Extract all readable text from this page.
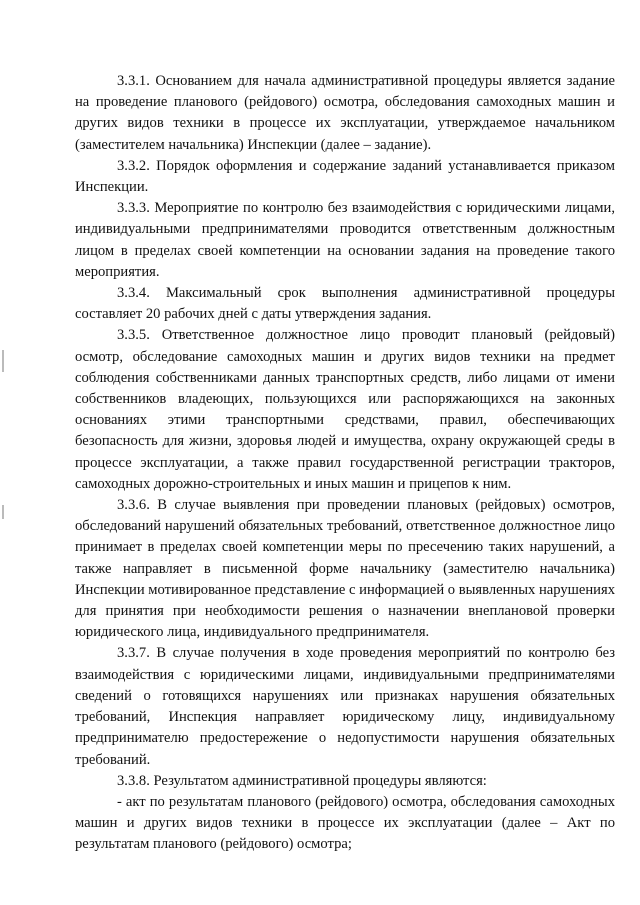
3.3.1. Основанием для начала административной процедуры является задание на проведение планового (рейдового) осмотра, обследования самоходных машин и других видов техники в процессе их эксплуатации, утверждаемое начальником (заместителем начальника) Инспекции (далее – задание).

3.3.2. Порядок оформления и содержание заданий устанавливается приказом Инспекции.

3.3.3. Мероприятие по контролю без взаимодействия с юридическими лицами, индивидуальными предпринимателями проводится ответственным должностным лицом в пределах своей компетенции на основании задания на проведение такого мероприятия.

3.3.4. Максимальный срок выполнения административной процедуры составляет 20 рабочих дней с даты утверждения задания.

3.3.5. Ответственное должностное лицо проводит плановый (рейдовый) осмотр, обследование самоходных машин и других видов техники на предмет соблюдения собственниками данных транспортных средств, либо лицами от имени собственников владеющих, пользующихся или распоряжающихся на законных основаниях этими транспортными средствами, правил, обеспечивающих безопасность для жизни, здоровья людей и имущества, охрану окружающей среды в процессе эксплуатации, а также правил государственной регистрации тракторов, самоходных дорожно-строительных и иных машин и прицепов к ним.

3.3.6. В случае выявления при проведении плановых (рейдовых) осмотров, обследований нарушений обязательных требований, ответственное должностное лицо принимает в пределах своей компетенции меры по пресечению таких нарушений, а также направляет в письменной форме начальнику (заместителю начальника) Инспекции мотивированное представление с информацией о выявленных нарушениях для принятия при необходимости решения о назначении внеплановой проверки юридического лица, индивидуального предпринимателя.

3.3.7. В случае получения в ходе проведения мероприятий по контролю без взаимодействия с юридическими лицами, индивидуальными предпринимателями сведений о готовящихся нарушениях или признаках нарушения обязательных требований, Инспекция направляет юридическому лицу, индивидуальному предпринимателю предостережение о недопустимости нарушения обязательных требований.

3.3.8. Результатом административной процедуры являются:

- акт по результатам планового (рейдового) осмотра, обследования самоходных машин и других видов техники в процессе их эксплуатации (далее – Акт по результатам планового (рейдового) осмотра;
